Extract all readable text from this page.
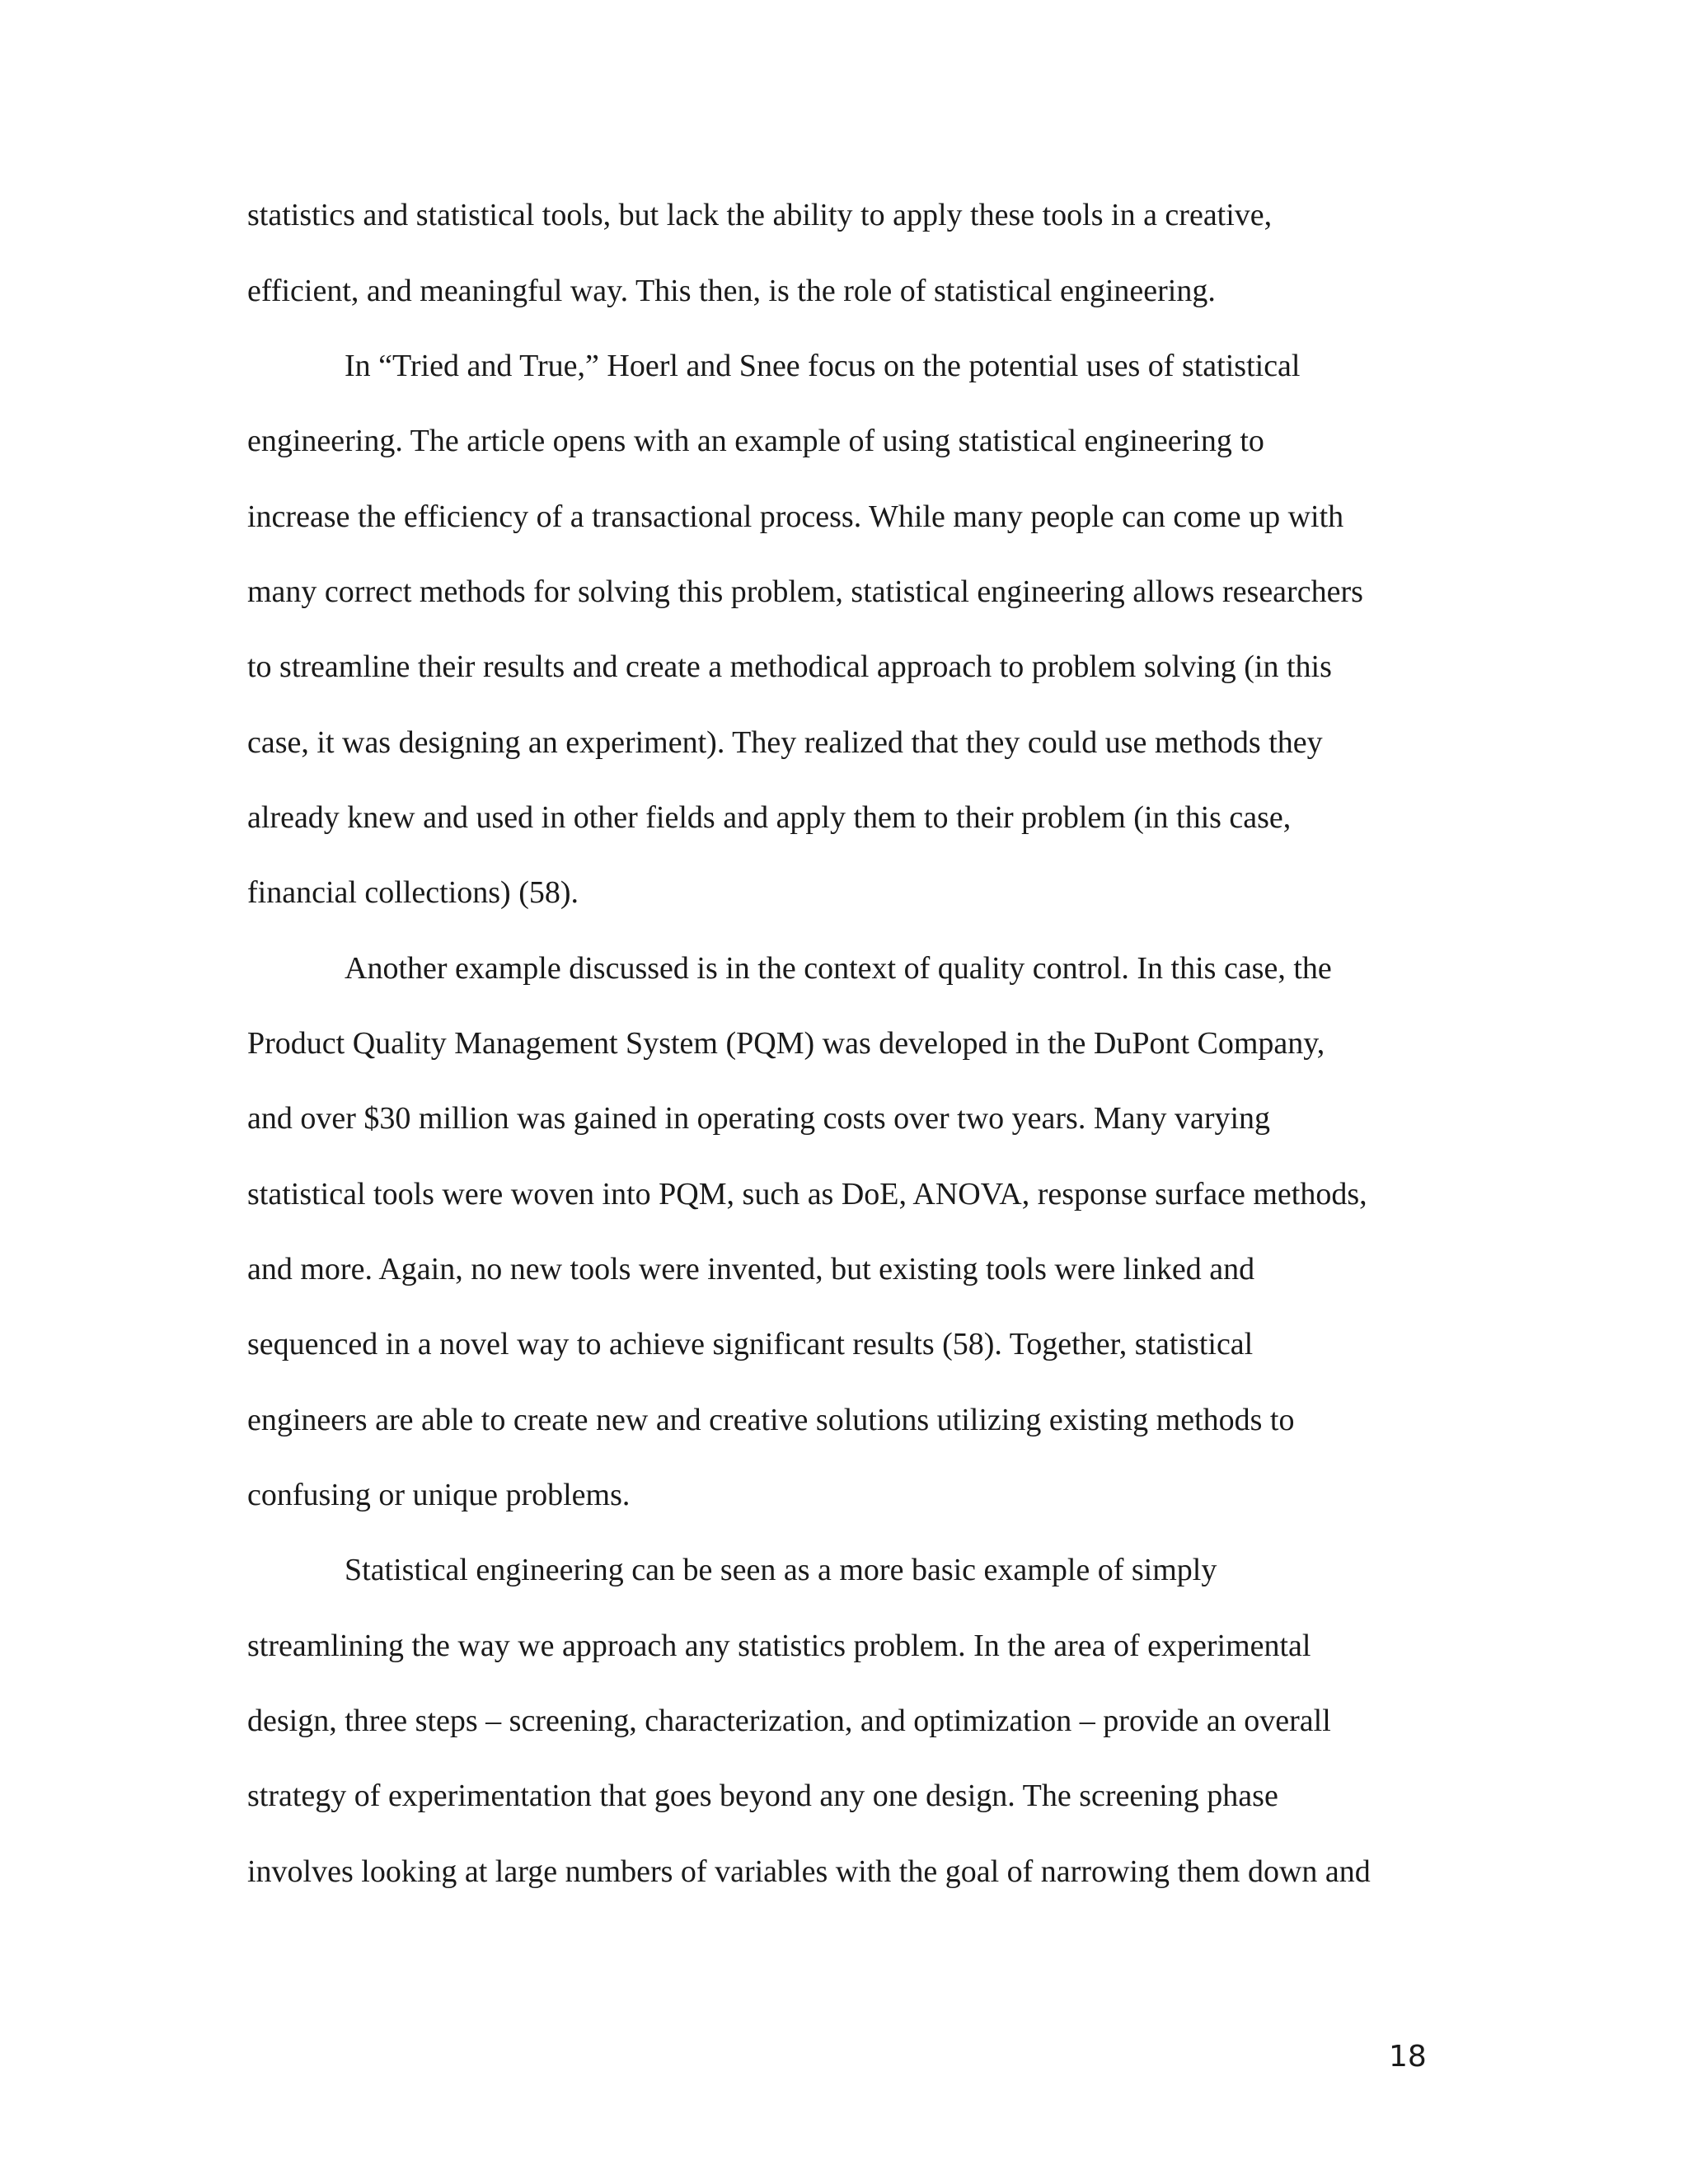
statistics and statistical tools, but lack the ability to apply these tools in a creative,
efficient, and meaningful way. This then, is the role of statistical engineering.
In “Tried and True,” Hoerl and Snee focus on the potential uses of statistical
engineering. The article opens with an example of using statistical engineering to
increase the efficiency of a transactional process. While many people can come up with
many correct methods for solving this problem, statistical engineering allows researchers
to streamline their results and create a methodical approach to problem solving (in this
case, it was designing an experiment). They realized that they could use methods they
already knew and used in other fields and apply them to their problem (in this case,
financial collections) (58).
Another example discussed is in the context of quality control. In this case, the
Product Quality Management System (PQM) was developed in the DuPont Company,
and over $30 million was gained in operating costs over two years. Many varying
statistical tools were woven into PQM, such as DoE, ANOVA, response surface methods,
and more. Again, no new tools were invented, but existing tools were linked and
sequenced in a novel way to achieve significant results (58). Together, statistical
engineers are able to create new and creative solutions utilizing existing methods to
confusing or unique problems.
Statistical engineering can be seen as a more basic example of simply
streamlining the way we approach any statistics problem. In the area of experimental
design, three steps – screening, characterization, and optimization – provide an overall
strategy of experimentation that goes beyond any one design. The screening phase
involves looking at large numbers of variables with the goal of narrowing them down and
18
